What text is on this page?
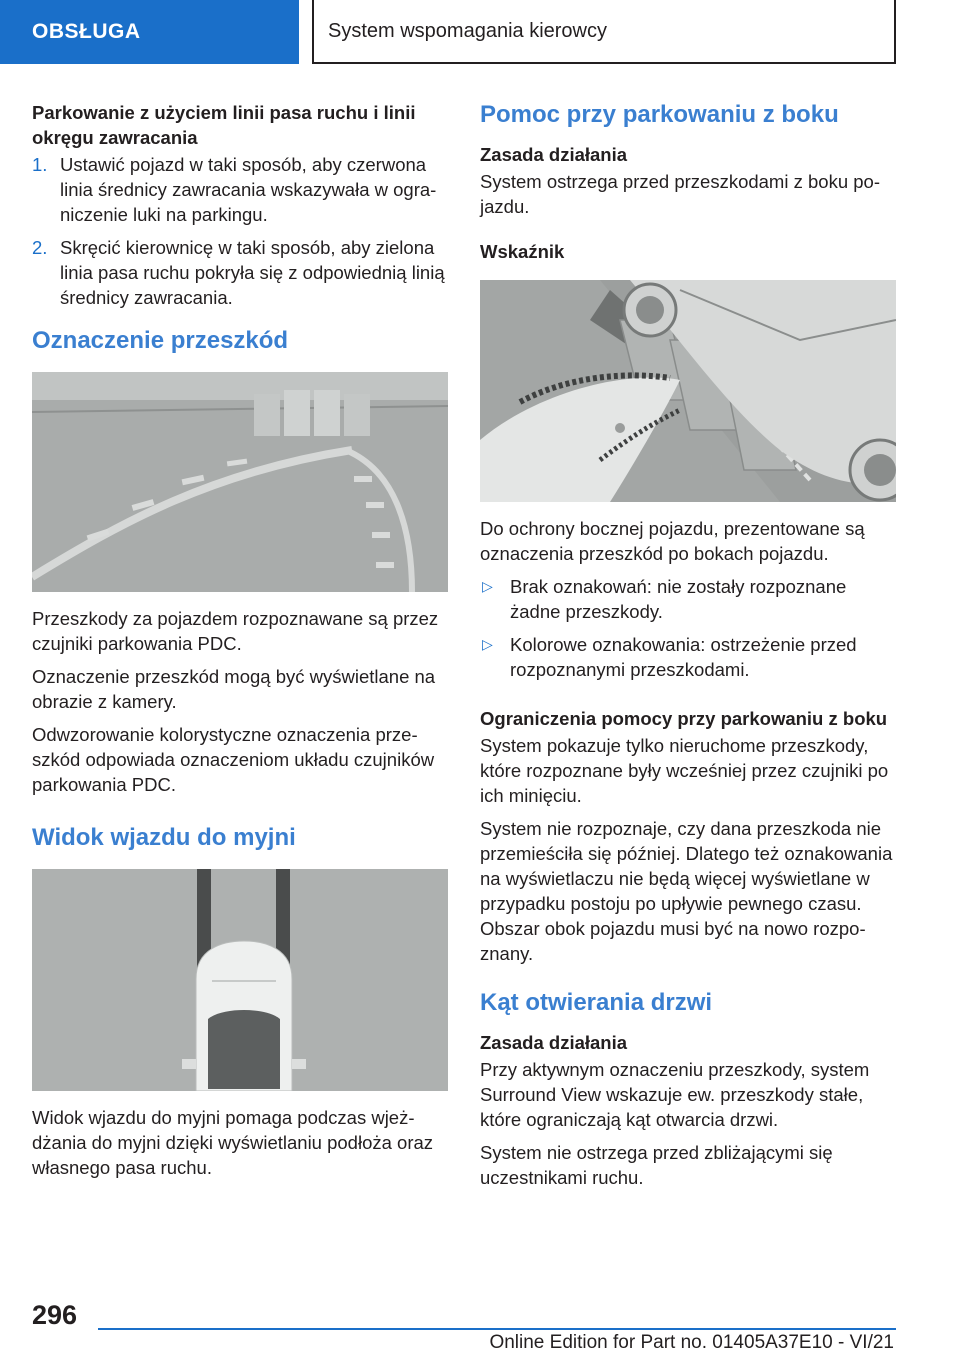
OBSŁUGA	System wspomagania kierowcy
Parkowanie z użyciem linii pasa ruchu i linii okręgu zawracania
1. Ustawić pojazd w taki sposób, aby czerwona linia średnicy zawracania wskazywała w ograniczenie luki na parkingu.
2. Skręcić kierownicę w taki sposób, aby zielona linia pasa ruchu pokryła się z odpowiednią linią średnicy zawracania.
Oznaczenie przeszkód

Przeszkody za pojazdem rozpoznawane są przez czujniki parkowania PDC.

Oznaczenie przeszkód mogą być wyświetlane na obrazie z kamery.

Odwzorowanie kolorystyczne oznaczenia przeszkód odpowiada oznaczeniom układu czujników parkowania PDC.

Widok wjazdu do myjni

Widok wjazdu do myjni pomaga podczas wjeżdżania do myjni dzięki wyświetlaniu podłoża oraz własnego pasa ruchu.

Pomoc przy parkowaniu z boku
Zasada działania

System ostrzega przed przeszkodami z boku pojazdu.

Wskaźnik

Do ochrony bocznej pojazdu, prezentowane są oznaczenia przeszkód po bokach pojazdu.

▷ Brak oznakowań: nie zostały rozpoznane żadne przeszkody.
▷ Kolorowe oznakowania: ostrzeżenie przed rozpoznanymi przeszkodami.
Ograniczenia pomocy przy parkowaniu z boku

System pokazuje tylko nieruchome przeszkody, które rozpoznane były wcześniej przez czujniki po ich minięciu.

System nie rozpoznaje, czy dana przeszkoda nie przemieściła się później. Dlatego też oznakowania na wyświetlaczu nie będą więcej wyświetlane w przypadku postoju po upływie pewnego czasu. Obszar obok pojazdu musi być na nowo rozpoznany.

Kąt otwierania drzwi
Zasada działania

Przy aktywnym oznaczeniu przeszkody, system Surround View wskazuje ew. przeszkody stałe, które ograniczają kąt otwarcia drzwi.

System nie ostrzega przed zbliżającymi się uczestnikami ruchu.

296
Online Edition for Part no. 01405A37E10 - VI/21
